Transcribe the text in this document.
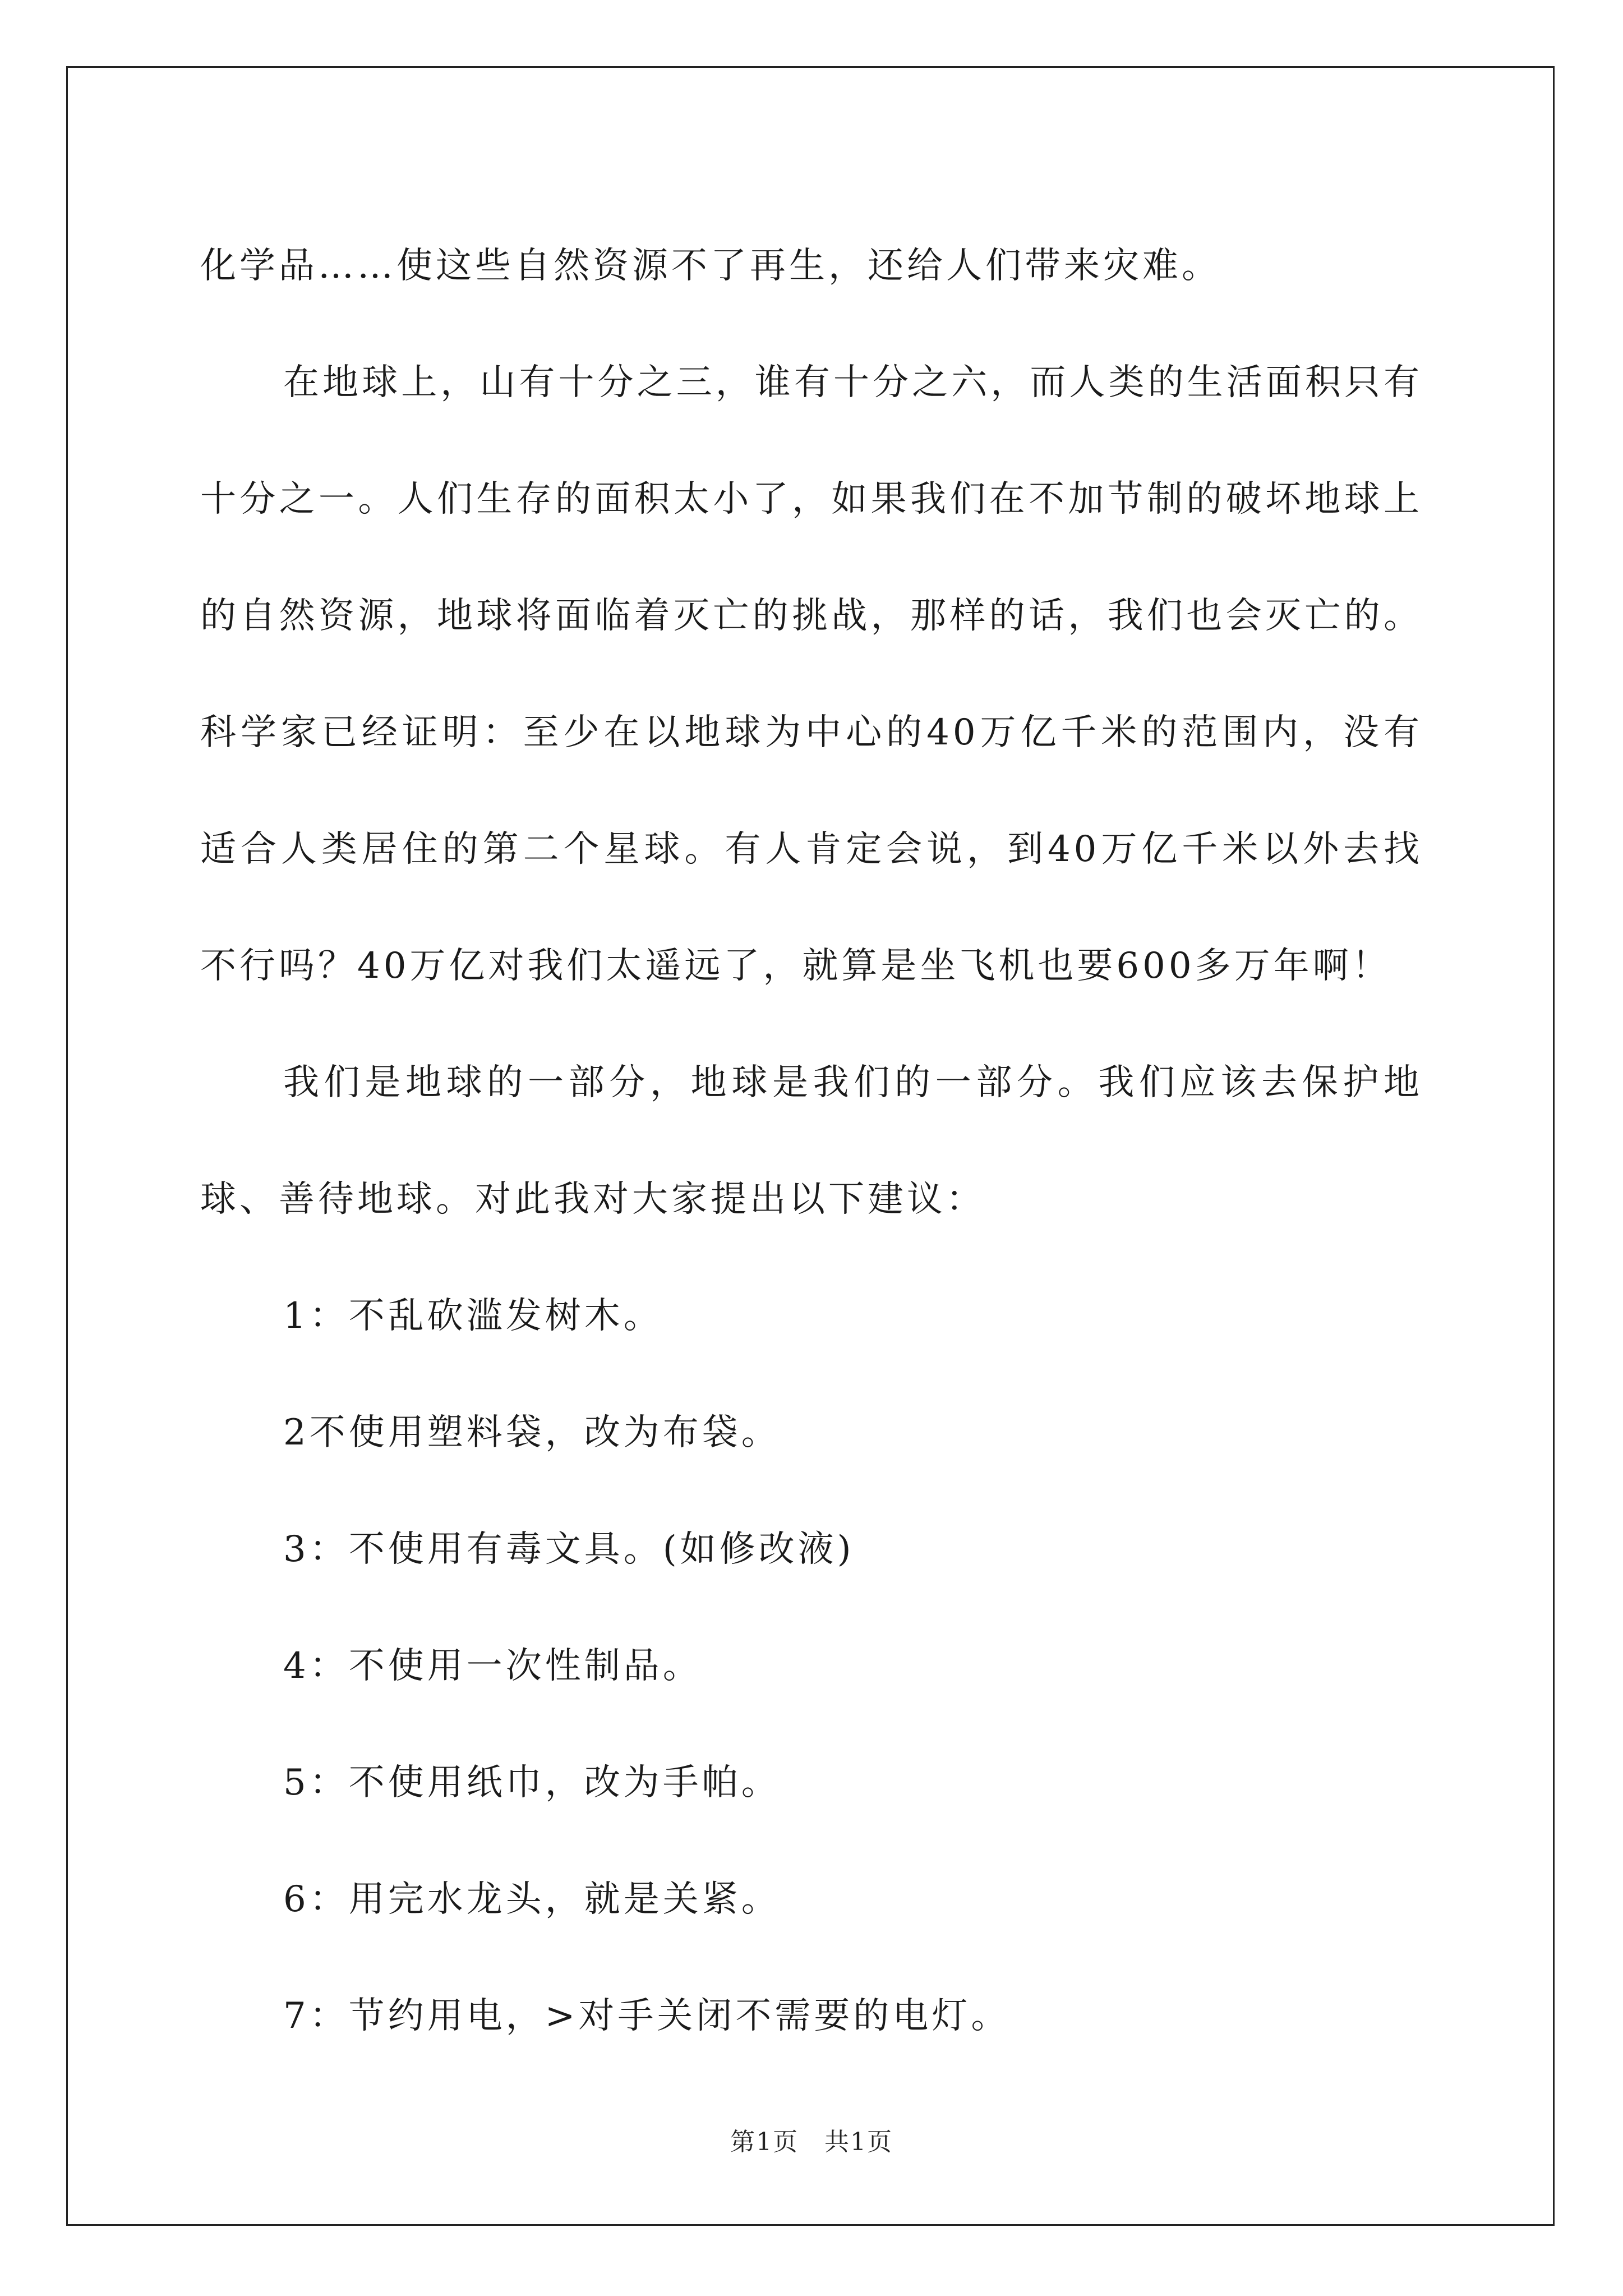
化学品……使这些自然资源不了再生，还给人们带来灾难。

在地球上，山有十分之三，谁有十分之六，而人类的生活面积只有十分之一。人们生存的面积太小了，如果我们在不加节制的破坏地球上的自然资源，地球将面临着灭亡的挑战，那样的话，我们也会灭亡的。科学家已经证明：至少在以地球为中心的40万亿千米的范围内，没有适合人类居住的第二个星球。有人肯定会说，到40万亿千米以外去找不行吗？40万亿对我们太遥远了，就算是坐飞机也要600多万年啊！

我们是地球的一部分，地球是我们的一部分。我们应该去保护地球、善待地球。对此我对大家提出以下建议：

1：不乱砍滥发树木。

2不使用塑料袋，改为布袋。

3：不使用有毒文具。(如修改液)

4：不使用一次性制品。

5：不使用纸巾，改为手帕。

6：用完水龙头，就是关紧。

7：节约用电，>对手关闭不需要的电灯。

第1页　共1页
